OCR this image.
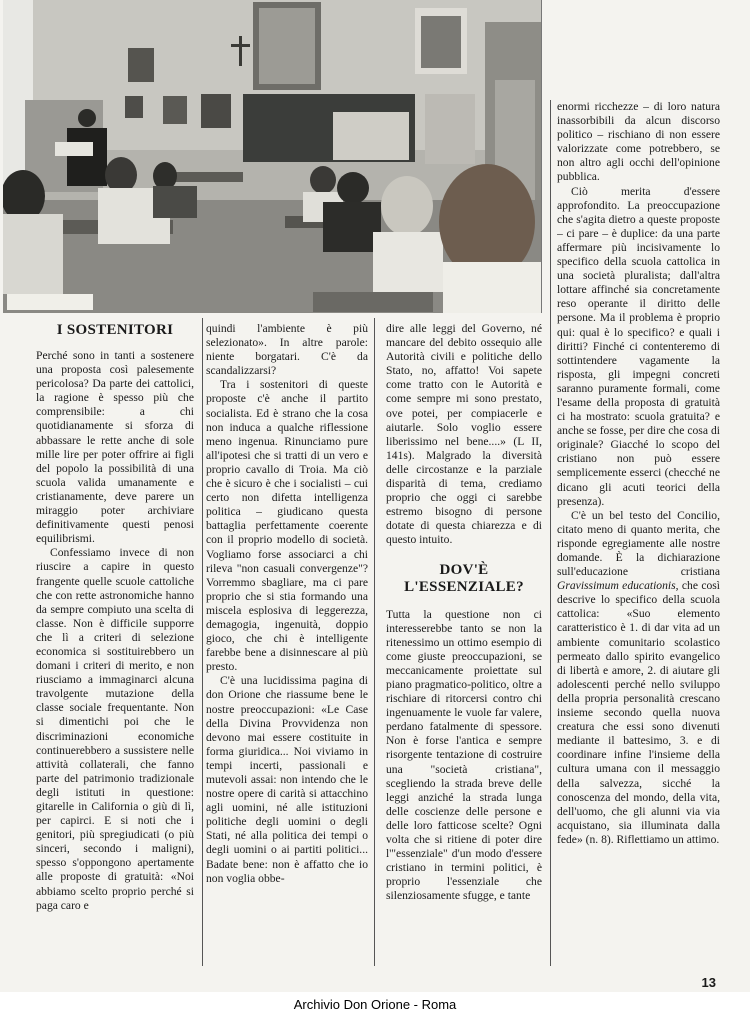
I SOSTENITORI

Perché sono in tanti a sostenere una proposta così palesemente pericolosa? Da parte dei cattolici, la ragione è spesso più che comprensibile: a chi quotidianamente si sforza di abbassare le rette anche di sole mille lire per poter offrire ai figli del popolo la possibilità di una scuola valida umanamente e cristianamente, deve parere un miraggio poter archiviare definitivamente questi penosi equilibrismi.

Confessiamo invece di non riuscire a capire in questo frangente quelle scuole cattoliche che con rette astronomiche hanno da sempre compiuto una scelta di classe. Non è difficile supporre che lì a criteri di selezione economica si sostituirebbero un domani i criteri di merito, e non riusciamo a immaginarci alcuna travolgente mutazione della classe sociale frequentante. Non si dimentichi poi che le discriminazioni economiche continuerebbero a sussistere nelle attività collaterali, che fanno parte del patrimonio tradizionale degli istituti in questione: gitarelle in California o giù di lì, per capirci. E si noti che i genitori, più spregiudicati (o più sinceri, secondo i maligni), spesso s'oppongono apertamente alle proposte di gratuità: «Noi abbiamo scelto proprio perché si paga caro e

quindi l'ambiente è più selezionato». In altre parole: niente borgatari. C'è da scandalizzarsi?

Tra i sostenitori di queste proposte c'è anche il partito socialista. Ed è strano che la cosa non induca a qualche riflessione meno ingenua. Rinunciamo pure all'ipotesi che si tratti di un vero e proprio cavallo di Troia. Ma ciò che è sicuro è che i socialisti – cui certo non difetta intelligenza politica – giudicano questa battaglia perfettamente coerente con il proprio modello di società. Vogliamo forse associarci a chi rileva "non casuali convergenze"? Vorremmo sbagliare, ma ci pare proprio che si stia formando una miscela esplosiva di leggerezza, demagogia, ingenuità, doppio gioco, che chi è intelligente farebbe bene a disinnescare al più presto.

C'è una lucidissima pagina di don Orione che riassume bene le nostre preoccupazioni: «Le Case della Divina Provvidenza non devono mai essere costituite in forma giuridica... Noi viviamo in tempi incerti, passionali e mutevoli assai: non intendo che le nostre opere di carità si attacchino agli uomini, né alle istituzioni politiche degli uomini o degli Stati, né alla politica dei tempi o degli uomini o ai partiti politici... Badate bene: non è affatto che io non voglia obbe-

dire alle leggi del Governo, né mancare del debito ossequio alle Autorità civili e politiche dello Stato, no, affatto! Voi sapete come tratto con le Autorità e come sempre mi sono prestato, ove potei, per compiacerle e aiutarle. Solo voglio essere liberissimo nel bene....» (L II, 141s). Malgrado la diversità delle circostanze e la parziale disparità di tema, crediamo proprio che oggi ci sarebbe estremo bisogno di persone dotate di questa chiarezza e di questo intuito.

DOV'È
L'ESSENZIALE?

Tutta la questione non ci interesserebbe tanto se non la ritenessimo un ottimo esempio di come giuste preoccupazioni, se meccanicamente proiettate sul piano pragmatico-politico, oltre a rischiare di ritorcersi contro chi ingenuamente le vuole far valere, perdano fatalmente di spessore. Non è forse l'antica e sempre risorgente tentazione di costruire una "società cristiana", scegliendo la strada breve delle leggi anziché la strada lunga delle coscienze delle persone e delle loro fatticose scelte? Ogni volta che si ritiene di poter dire l'"essenziale" d'un modo d'essere cristiano in termini politici, è proprio l'essenziale che silenziosamente sfugge, e tante

enormi ricchezze – di loro natura inassorbibili da alcun discorso politico – rischiano di non essere valorizzate come potrebbero, se non altro agli occhi dell'opinione pubblica.

Ciò merita d'essere approfondito. La preoccupazione che s'agita dietro a queste proposte – ci pare – è duplice: da una parte affermare più incisivamente lo specifico della scuola cattolica in una società pluralista; dall'altra lottare affinché sia concretamente reso operante il diritto delle persone. Ma il problema è proprio qui: qual è lo specifico? e quali i diritti? Finché ci contenteremo di sottintendere vagamente la risposta, gli impegni concreti saranno puramente formali, come l'esame della proposta di gratuità ci ha mostrato: scuola gratuita? e anche se fosse, per dire che cosa di originale? Giacché lo scopo del cristiano non può essere semplicemente esserci (checché ne dicano gli acuti teorici della presenza).

C'è un bel testo del Concilio, citato meno di quanto merita, che risponde egregiamente alle nostre domande. È la dichiarazione sull'educazione cristiana Gravissimum educationis, che così descrive lo specifico della scuola cattolica: «Suo elemento caratteristico è 1. di dar vita ad un ambiente comunitario scolastico permeato dallo spirito evangelico di libertà e amore, 2. di aiutare gli adolescenti perché nello sviluppo della propria personalità crescano insieme secondo quella nuova creatura che essi sono divenuti mediante il battesimo, 3. e di coordinare infine l'insieme della cultura umana con il messaggio della salvezza, sicché la conoscenza del mondo, della vita, dell'uomo, che gli alunni via via acquistano, sia illuminata dalla fede» (n. 8). Riflettiamo un attimo.

13
Archivio Don Orione - Roma
